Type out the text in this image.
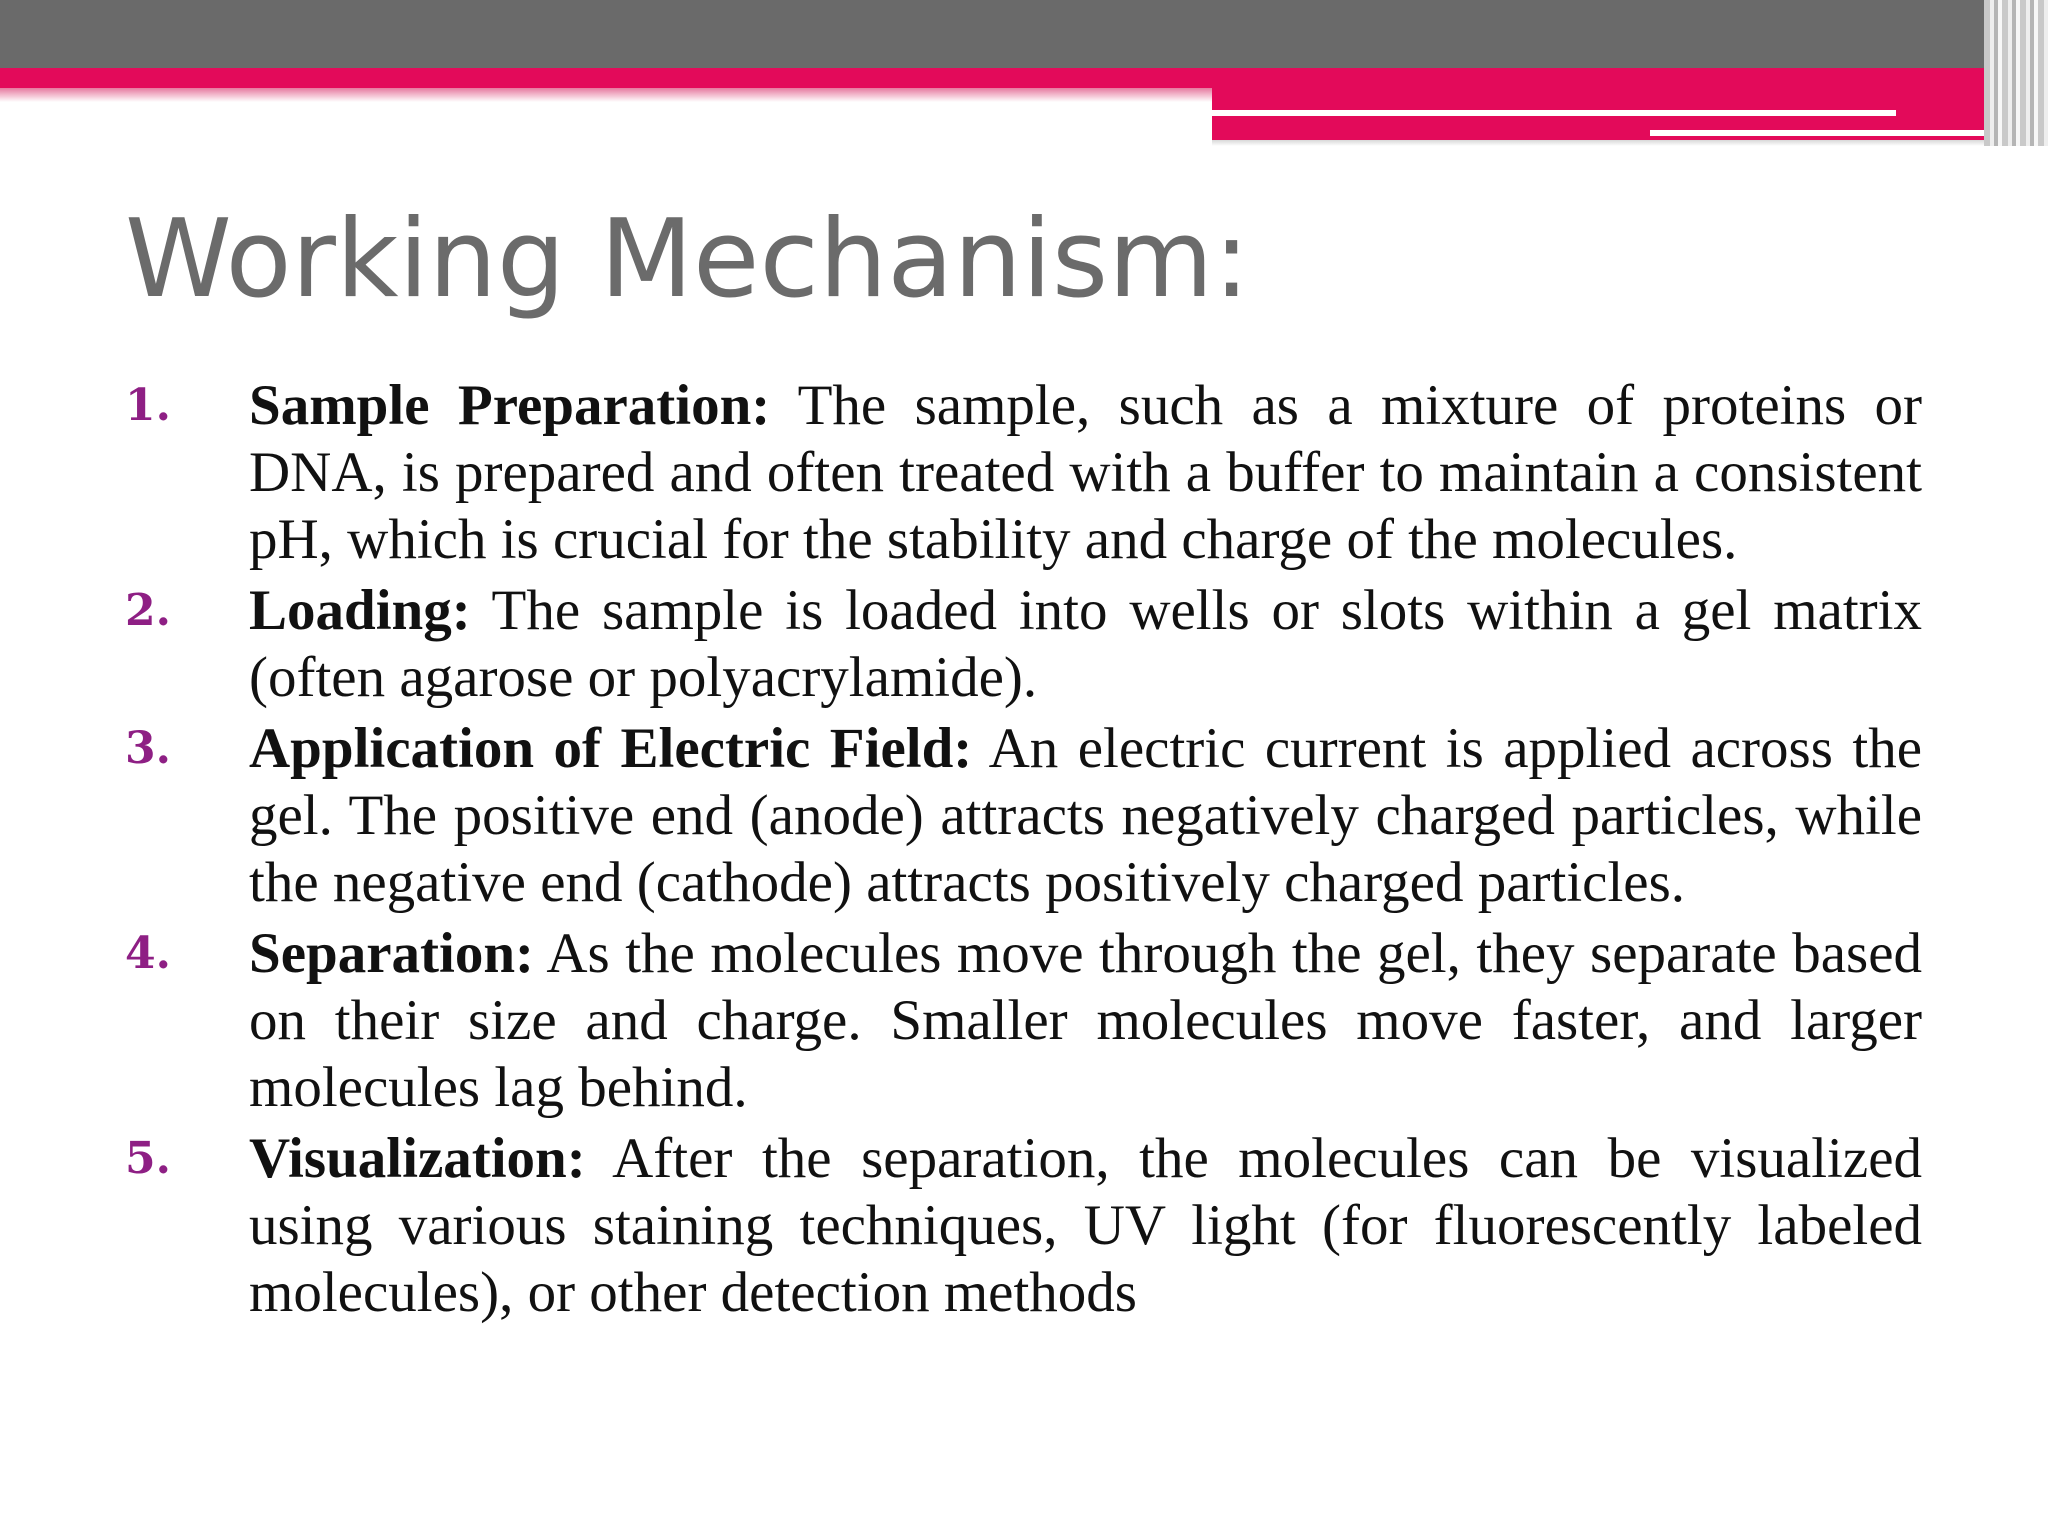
Working Mechanism:
1. Sample Preparation: The sample, such as a mixture of proteins or DNA, is prepared and often treated with a buffer to maintain a consistent pH, which is crucial for the stability and charge of the molecules.
2. Loading: The sample is loaded into wells or slots within a gel matrix (often agarose or polyacrylamide).
3. Application of Electric Field: An electric current is applied across the gel. The positive end (anode) attracts negatively charged particles, while the negative end (cathode) attracts positively charged particles.
4. Separation: As the molecules move through the gel, they separate based on their size and charge. Smaller molecules move faster, and larger molecules lag behind.
5. Visualization: After the separation, the molecules can be visualized using various staining techniques, UV light (for fluorescently labeled molecules), or other detection methods
